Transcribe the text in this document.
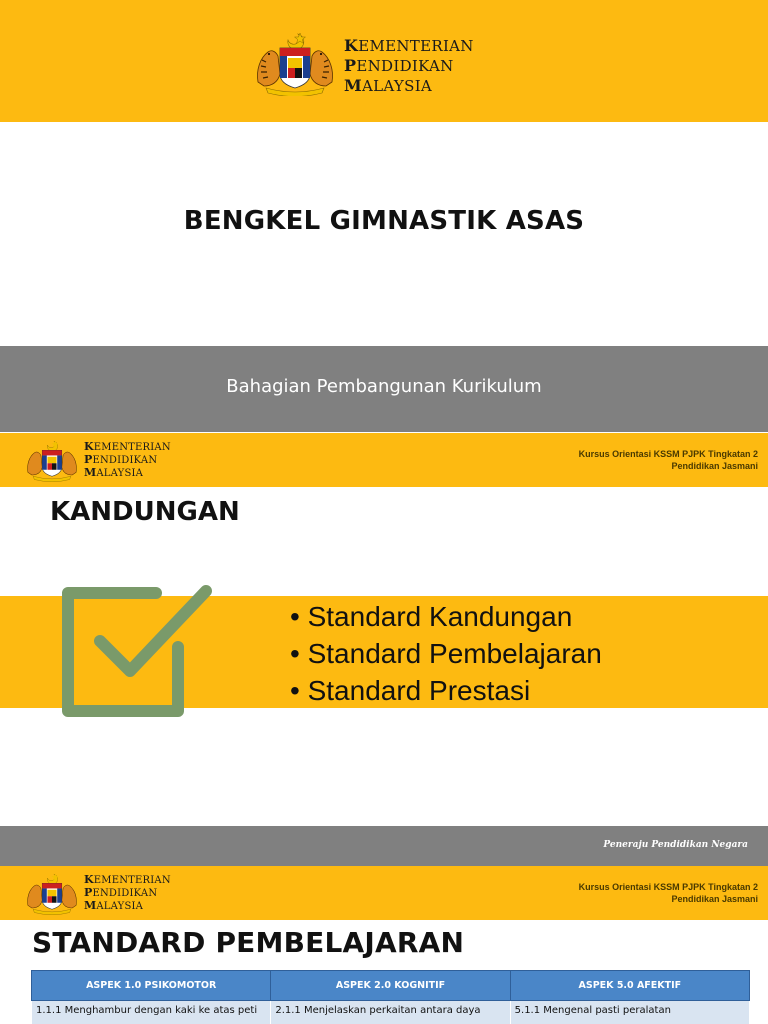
KEMENTERIAN
PENDIDIKAN
MALAYSIA
BENGKEL GIMNASTIK ASAS
Bahagian Pembangunan Kurikulum
KEMENTERIAN
PENDIDIKAN
MALAYSIA
Kursus Orientasi KSSM PJPK Tingkatan 2
Pendidikan Jasmani
KANDUNGAN
• Standard Kandungan
• Standard Pembelajaran
• Standard Prestasi
Peneraju Pendidikan Negara
KEMENTERIAN
PENDIDIKAN
MALAYSIA
Kursus Orientasi KSSM PJPK Tingkatan 2
Pendidikan Jasmani
STANDARD PEMBELAJARAN
ASPEK 1.0 PSIKOMOTOR	ASPEK 2.0 KOGNITIF	ASPEK 5.0 AFEKTIF
1.1.1 Menghambur dengan kaki ke atas peti	2.1.1 Menjelaskan perkaitan antara daya	5.1.1 Mengenal pasti peralatan
